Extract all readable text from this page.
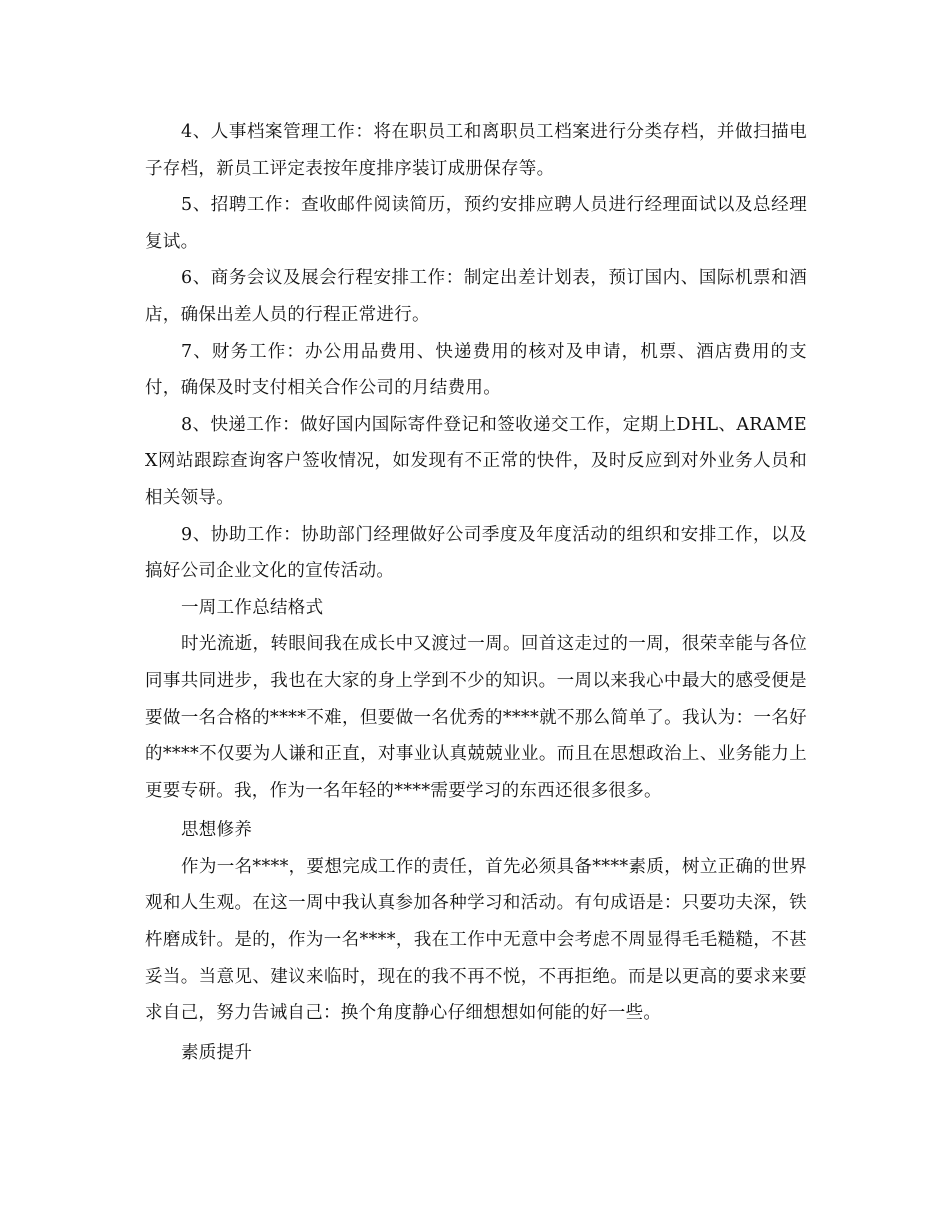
4、人事档案管理工作：将在职员工和离职员工档案进行分类存档，并做扫描电子存档，新员工评定表按年度排序装订成册保存等。

5、招聘工作：查收邮件阅读简历，预约安排应聘人员进行经理面试以及总经理复试。

6、商务会议及展会行程安排工作：制定出差计划表，预订国内、国际机票和酒店，确保出差人员的行程正常进行。

7、财务工作：办公用品费用、快递费用的核对及申请，机票、酒店费用的支付，确保及时支付相关合作公司的月结费用。

8、快递工作：做好国内国际寄件登记和签收递交工作，定期上DHL、ARAMEX网站跟踪查询客户签收情况，如发现有不正常的快件，及时反应到对外业务人员和相关领导。

9、协助工作：协助部门经理做好公司季度及年度活动的组织和安排工作，以及搞好公司企业文化的宣传活动。

一周工作总结格式

时光流逝，转眼间我在成长中又渡过一周。回首这走过的一周，很荣幸能与各位同事共同进步，我也在大家的身上学到不少的知识。一周以来我心中最大的感受便是要做一名合格的****不难，但要做一名优秀的****就不那么简单了。我认为：一名好的****不仅要为人谦和正直，对事业认真兢兢业业。而且在思想政治上、业务能力上更要专研。我，作为一名年轻的****需要学习的东西还很多很多。

思想修养

作为一名****，要想完成工作的责任，首先必须具备****素质，树立正确的世界观和人生观。在这一周中我认真参加各种学习和活动。有句成语是：只要功夫深，铁杵磨成针。是的，作为一名****，我在工作中无意中会考虑不周显得毛毛糙糙，不甚妥当。当意见、建议来临时，现在的我不再不悦，不再拒绝。而是以更高的要求来要求自己，努力告诫自己：换个角度静心仔细想想如何能的好一些。

素质提升
